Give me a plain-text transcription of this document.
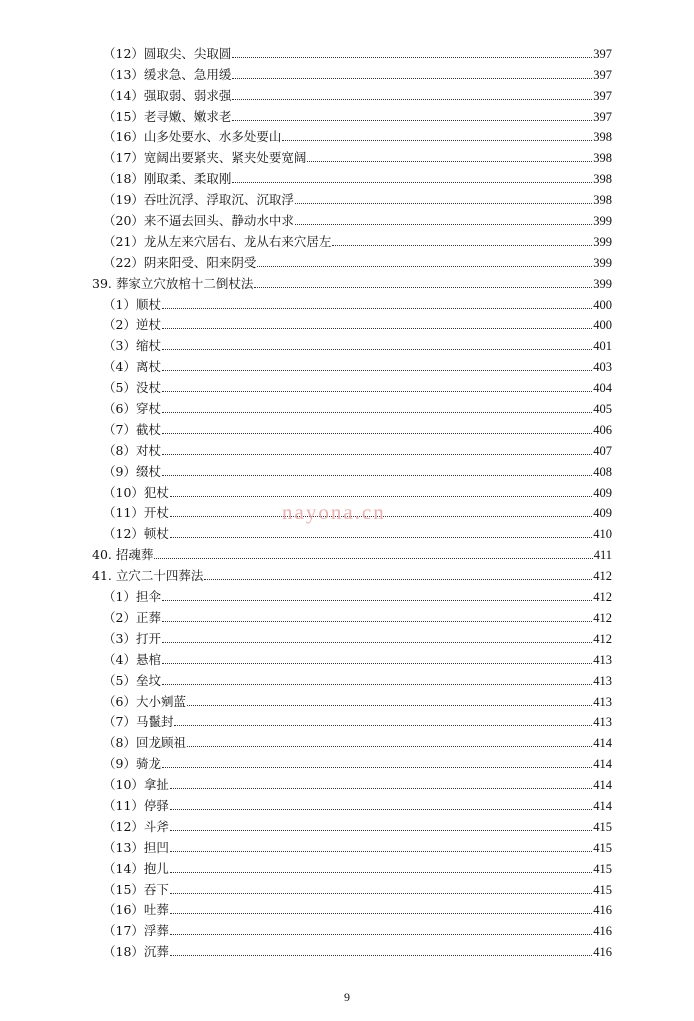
（12）圆取尖、尖取圆	397
（13）缓求急、急用缓	397
（14）强取弱、弱求强	397
（15）老寻嫩、嫩求老	397
（16）山多处要水、水多处要山	398
（17）宽阔出要紧夹、紧夹处要宽阔	398
（18）刚取柔、柔取刚	398
（19）吞吐沉浮、浮取沉、沉取浮	398
（20）来不逼去回头、静动水中求	399
（21）龙从左来穴居右、龙从右来穴居左	399
（22）阴来阳受、阳来阴受	399
39. 葬家立穴放棺十二倒杖法	399
（1）顺杖	400
（2）逆杖	400
（3）缩杖	401
（4）离杖	403
（5）没杖	404
（6）穿杖	405
（7）截杖	406
（8）对杖	407
（9）缀杖	408
（10）犯杖	409
（11）开杖	409
（12）顿杖	410
40. 招魂葬	411
41. 立穴二十四葬法	412
（1）担伞	412
（2）正葬	412
（3）打开	412
（4）悬棺	413
（5）垒坟	413
（6）大小剜蓝	413
（7）马鬣封	413
（8）回龙顾祖	414
（9）骑龙	414
（10）拿扯	414
（11）停驿	414
（12）斗斧	415
（13）担凹	415
（14）抱儿	415
（15）吞下	415
（16）吐葬	416
（17）浮葬	416
（18）沉葬	416
nayona.cn
9
